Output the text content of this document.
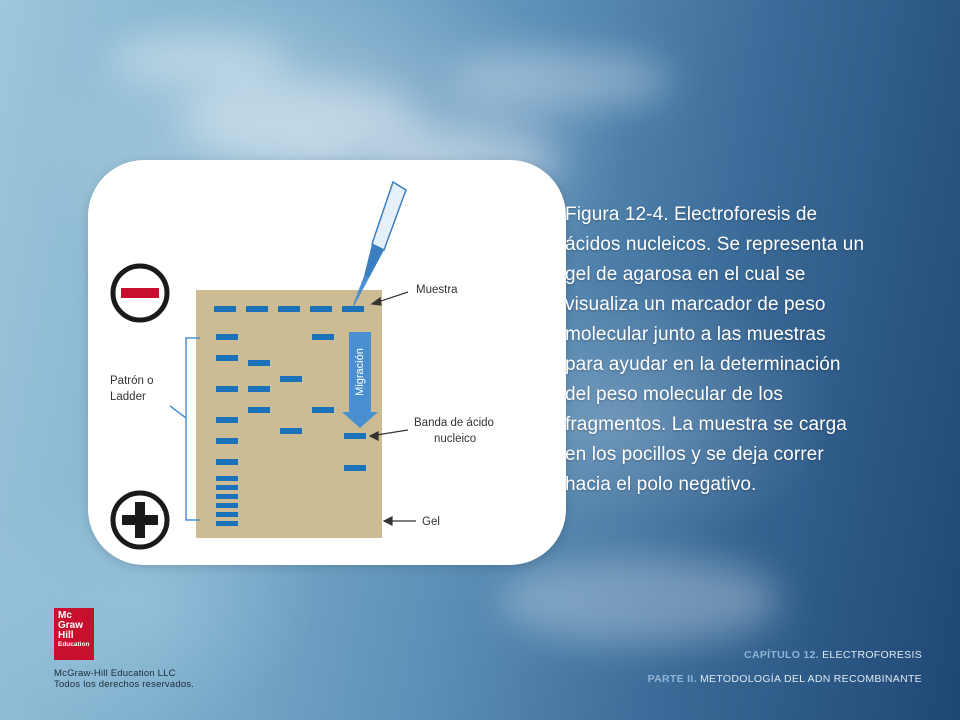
Migración
Muestra
Patrón o
Ladder
Banda de ácido
nucleico
Gel
Figura 12-4. Electroforesis de ácidos nucleicos. Se representa un gel de agarosa en el cual se visualiza un marcador de peso molecular junto a las muestras para ayudar en la determinación del peso molecular de los fragmentos. La muestra se carga en los pocillos y se deja correr hacia el polo negativo.
Mc
Graw
Hill
Education
McGraw-Hill Education LLC
Todos los derechos reservados.
CAPÍTULO 12. ELECTROFORESIS
PARTE II. METODOLOGÍA DEL ADN RECOMBINANTE
